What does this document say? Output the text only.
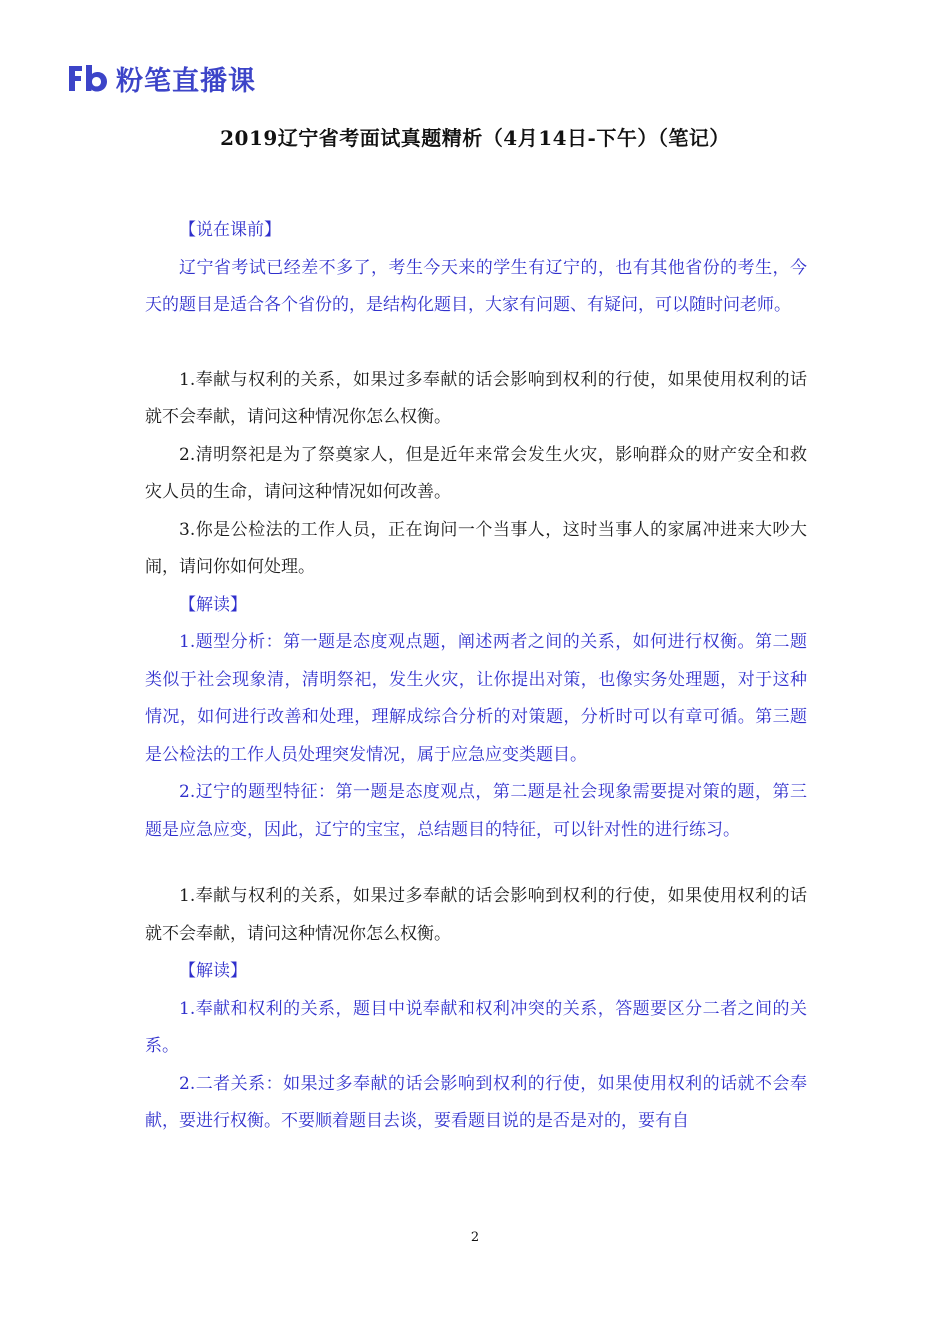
粉笔直播课
2019辽宁省考面试真题精析（4月14日-下午）（笔记）

【说在课前】

辽宁省考试已经差不多了，考生今天来的学生有辽宁的，也有其他省份的考生，今天的题目是适合各个省份的，是结构化题目，大家有问题、有疑问，可以随时问老师。

1.奉献与权利的关系，如果过多奉献的话会影响到权利的行使，如果使用权利的话就不会奉献，请问这种情况你怎么权衡。

2.清明祭祀是为了祭奠家人，但是近年来常会发生火灾，影响群众的财产安全和救灾人员的生命，请问这种情况如何改善。

3.你是公检法的工作人员，正在询问一个当事人，这时当事人的家属冲进来大吵大闹，请问你如何处理。

【解读】

1.题型分析：第一题是态度观点题，阐述两者之间的关系，如何进行权衡。第二题类似于社会现象清，清明祭祀，发生火灾，让你提出对策，也像实务处理题，对于这种情况，如何进行改善和处理，理解成综合分析的对策题，分析时可以有章可循。第三题是公检法的工作人员处理突发情况，属于应急应变类题目。

2.辽宁的题型特征：第一题是态度观点，第二题是社会现象需要提对策的题，第三题是应急应变，因此，辽宁的宝宝，总结题目的特征，可以针对性的进行练习。

1.奉献与权利的关系，如果过多奉献的话会影响到权利的行使，如果使用权利的话就不会奉献，请问这种情况你怎么权衡。

【解读】

1.奉献和权利的关系，题目中说奉献和权利冲突的关系，答题要区分二者之间的关系。

2.二者关系：如果过多奉献的话会影响到权利的行使，如果使用权利的话就不会奉献，要进行权衡。不要顺着题目去谈，要看题目说的是否是对的，要有自

2
